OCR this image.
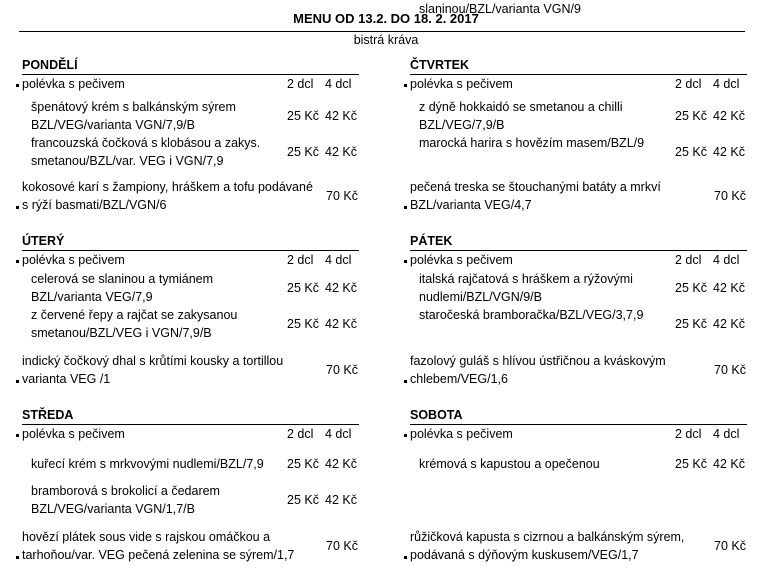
MENU OD 13.2. DO 18. 2. 2017
bistrá kráva
PONDĚLÍ
polévka s pečivem	2 dcl 4 dcl
špenátový krém s balkánským sýrem
BZL/VEG/varianta VGN/7,9/B
25 Kč 42 Kč
francouzská čočková s klobásou a zakys.
smetanou/BZL/var. VEG i VGN/7,9
25 Kč 42 Kč
kokosové karí s žampiony, hráškem a tofu podávané
s rýží basmati/BZL/VGN/6
70 Kč
ÚTERÝ
polévka s pečivem	2 dcl 4 dcl
celerová se slaninou a tymiánem
BZL/varianta VEG/7,9
25 Kč 42 Kč
z červené řepy a rajčat se zakysanou
smetanou/BZL/VEG i VGN/7,9/B
25 Kč 42 Kč
indický čočkový dhal s krůtími kousky a tortillou
varianta VEG /1
70 Kč
STŘEDA
polévka s pečivem	2 dcl 4 dcl
kuřecí krém s mrkvovými nudlemi/BZL/7,9 25 Kč 42 Kč
bramborová s brokolicí a čedarem
BZL/VEG/varianta VGN/1,7/B
25 Kč 42 Kč
hovězí plátek sous vide s rajskou omáčkou a
tarhoňou/var. VEG pečená zelenina se sýrem/1,7
70 Kč
ČTVRTEK
polévka s pečivem	2 dcl 4 dcl
z dýně hokkaidó se smetanou a chilli
BZL/VEG/7,9/B
25 Kč 42 Kč
marocká harira s hovězím masem/BZL/9
25 Kč 42 Kč
pečená treska se štouchanými batáty a mrkví
BZL/varianta VEG/4,7
70 Kč
PÁTEK
polévka s pečivem	2 dcl 4 dcl
italská rajčatová s hráškem a rýžovými
nudlemi/BZL/VGN/9/B
25 Kč 42 Kč
staročeská bramboračka/BZL/VEG/3,7,9
25 Kč 42 Kč
fazolový guláš s hlívou ústřičnou a kváskovým
chlebem/VEG/1,6
70 Kč
SOBOTA
polévka s pečivem	2 dcl 4 dcl
krémová s kapustou a opečenou
slaninou/BZL/varianta VGN/9
25 Kč 42 Kč
růžičková kapusta s cizrnou a balkánským sýrem,
podávaná s dýňovým kuskusem/VEG/1,7
70 Kč
